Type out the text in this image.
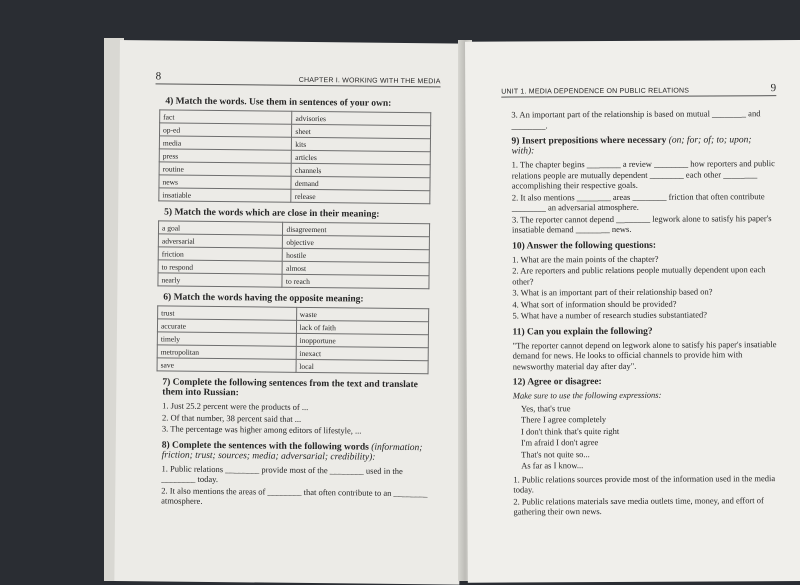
8	CHAPTER I. WORKING WITH THE MEDIA
4) Match the words. Use them in sentences of your own:
fact	advisories
op-ed	sheet
media	kits
press	articles
routine	channels
news	demand
insatiable	release
5) Match the words which are close in their meaning:
a goal	disagreement
adversarial	objective
friction	hostile
to respond	almost
nearly	to reach
6) Match the words having the opposite meaning:
trust	waste
accurate	lack of faith
timely	inopportune
metropolitan	inexact
save	local
7) Complete the following sentences from the text and translate them into Russian:
1. Just 25.2 percent were the products of ...
2. Of that number, 38 percent said that ...
3. The percentage was higher among editors of lifestyle, ...
8) Complete the sentences with the following words (information; friction; trust; sources; media; adversarial; credibility):
1. Public relations ________ provide most of the ________ used in the ________ today.
2. It also mentions the areas of ________ that often contribute to an ________ atmosphere.
UNIT 1. MEDIA DEPENDENCE ON PUBLIC RELATIONS	9
3. An important part of the relationship is based on mutual ________ and ________.
9) Insert prepositions where necessary (on; for; of; to; upon; with):
1. The chapter begins ________ a review ________ how reporters and public relations people are mutually dependent ________ each other ________ accomplishing their respective goals.
2. It also mentions ________ areas ________ friction that often contribute ________ an adversarial atmosphere.
3. The reporter cannot depend ________ legwork alone to satisfy his paper's insatiable demand ________ news.
10) Answer the following questions:
1. What are the main points of the chapter?
2. Are reporters and public relations people mutually dependent upon each other?
3. What is an important part of their relationship based on?
4. What sort of information should be provided?
5. What have a number of research studies substantiated?
11) Can you explain the following?
"The reporter cannot depend on legwork alone to satisfy his paper's insatiable demand for news. He looks to official channels to provide him with newsworthy material day after day".
12) Agree or disagree:
Make sure to use the following expressions:
Yes, that's true
There I agree completely
I don't think that's quite right
I'm afraid I don't agree
That's not quite so...
As far as I know...
1. Public relations sources provide most of the information used in the media today.
2. Public relations materials save media outlets time, money, and effort of gathering their own news.
